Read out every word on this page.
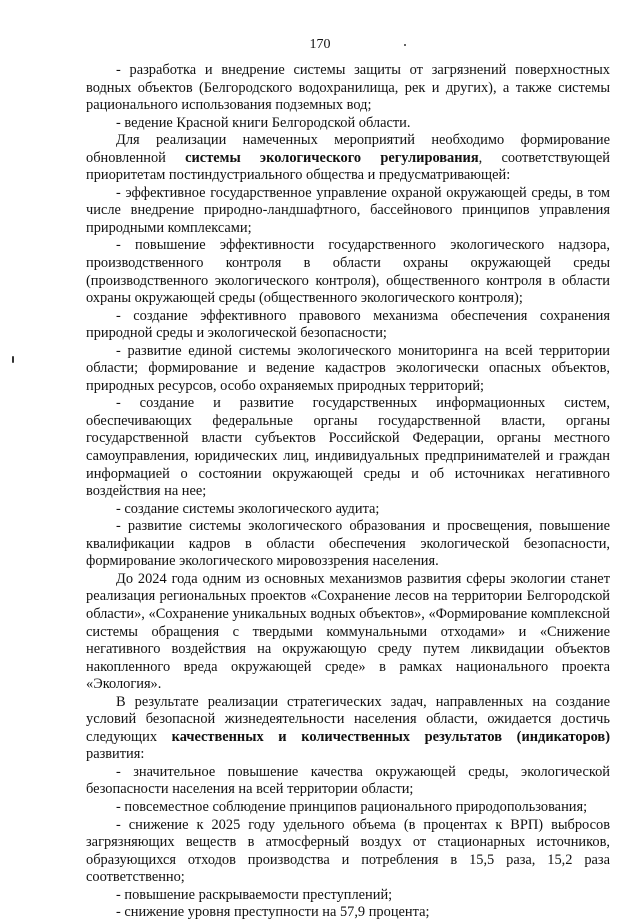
170

- разработка и внедрение системы защиты от загрязнений поверхностных водных объектов (Белгородского водохранилища, рек и других), а также системы рационального использования подземных вод;

- ведение Красной книги Белгородской области.

Для реализации намеченных мероприятий необходимо формирование обновленной системы экологического регулирования, соответствующей приоритетам постиндустриального общества и предусматривающей:

- эффективное государственное управление охраной окружающей среды, в том числе внедрение природно-ландшафтного, бассейнового принципов управления природными комплексами;

- повышение эффективности государственного экологического надзора, производственного контроля в области охраны окружающей среды (производственного экологического контроля), общественного контроля в области охраны окружающей среды (общественного экологического контроля);

- создание эффективного правового механизма обеспечения сохранения природной среды и экологической безопасности;

- развитие единой системы экологического мониторинга на всей территории области; формирование и ведение кадастров экологически опасных объектов, природных ресурсов, особо охраняемых природных территорий;

- создание и развитие государственных информационных систем, обеспечивающих федеральные органы государственной власти, органы государственной власти субъектов Российской Федерации, органы местного самоуправления, юридических лиц, индивидуальных предпринимателей и граждан информацией о состоянии окружающей среды и об источниках негативного воздействия на нее;

- создание системы экологического аудита;

- развитие системы экологического образования и просвещения, повышение квалификации кадров в области обеспечения экологической безопасности, формирование экологического мировоззрения населения.

До 2024 года одним из основных механизмов развития сферы экологии станет реализация региональных проектов «Сохранение лесов на территории Белгородской области», «Сохранение уникальных водных объектов», «Формирование комплексной системы обращения с твердыми коммунальными отходами» и «Снижение негативного воздействия на окружающую среду путем ликвидации объектов накопленного вреда окружающей среде» в рамках национального проекта «Экология».

В результате реализации стратегических задач, направленных на создание условий безопасной жизнедеятельности населения области, ожидается достичь следующих качественных и количественных результатов (индикаторов) развития:

- значительное повышение качества окружающей среды, экологической безопасности населения на всей территории области;

- повсеместное соблюдение принципов рационального природопользования;

- снижение к 2025 году удельного объема (в процентах к ВРП) выбросов загрязняющих веществ в атмосферный воздух от стационарных источников, образующихся отходов производства и потребления в 15,5 раза, 15,2 раза соответственно;

- повышение раскрываемости преступлений;

- снижение уровня преступности на 57,9 процента;
